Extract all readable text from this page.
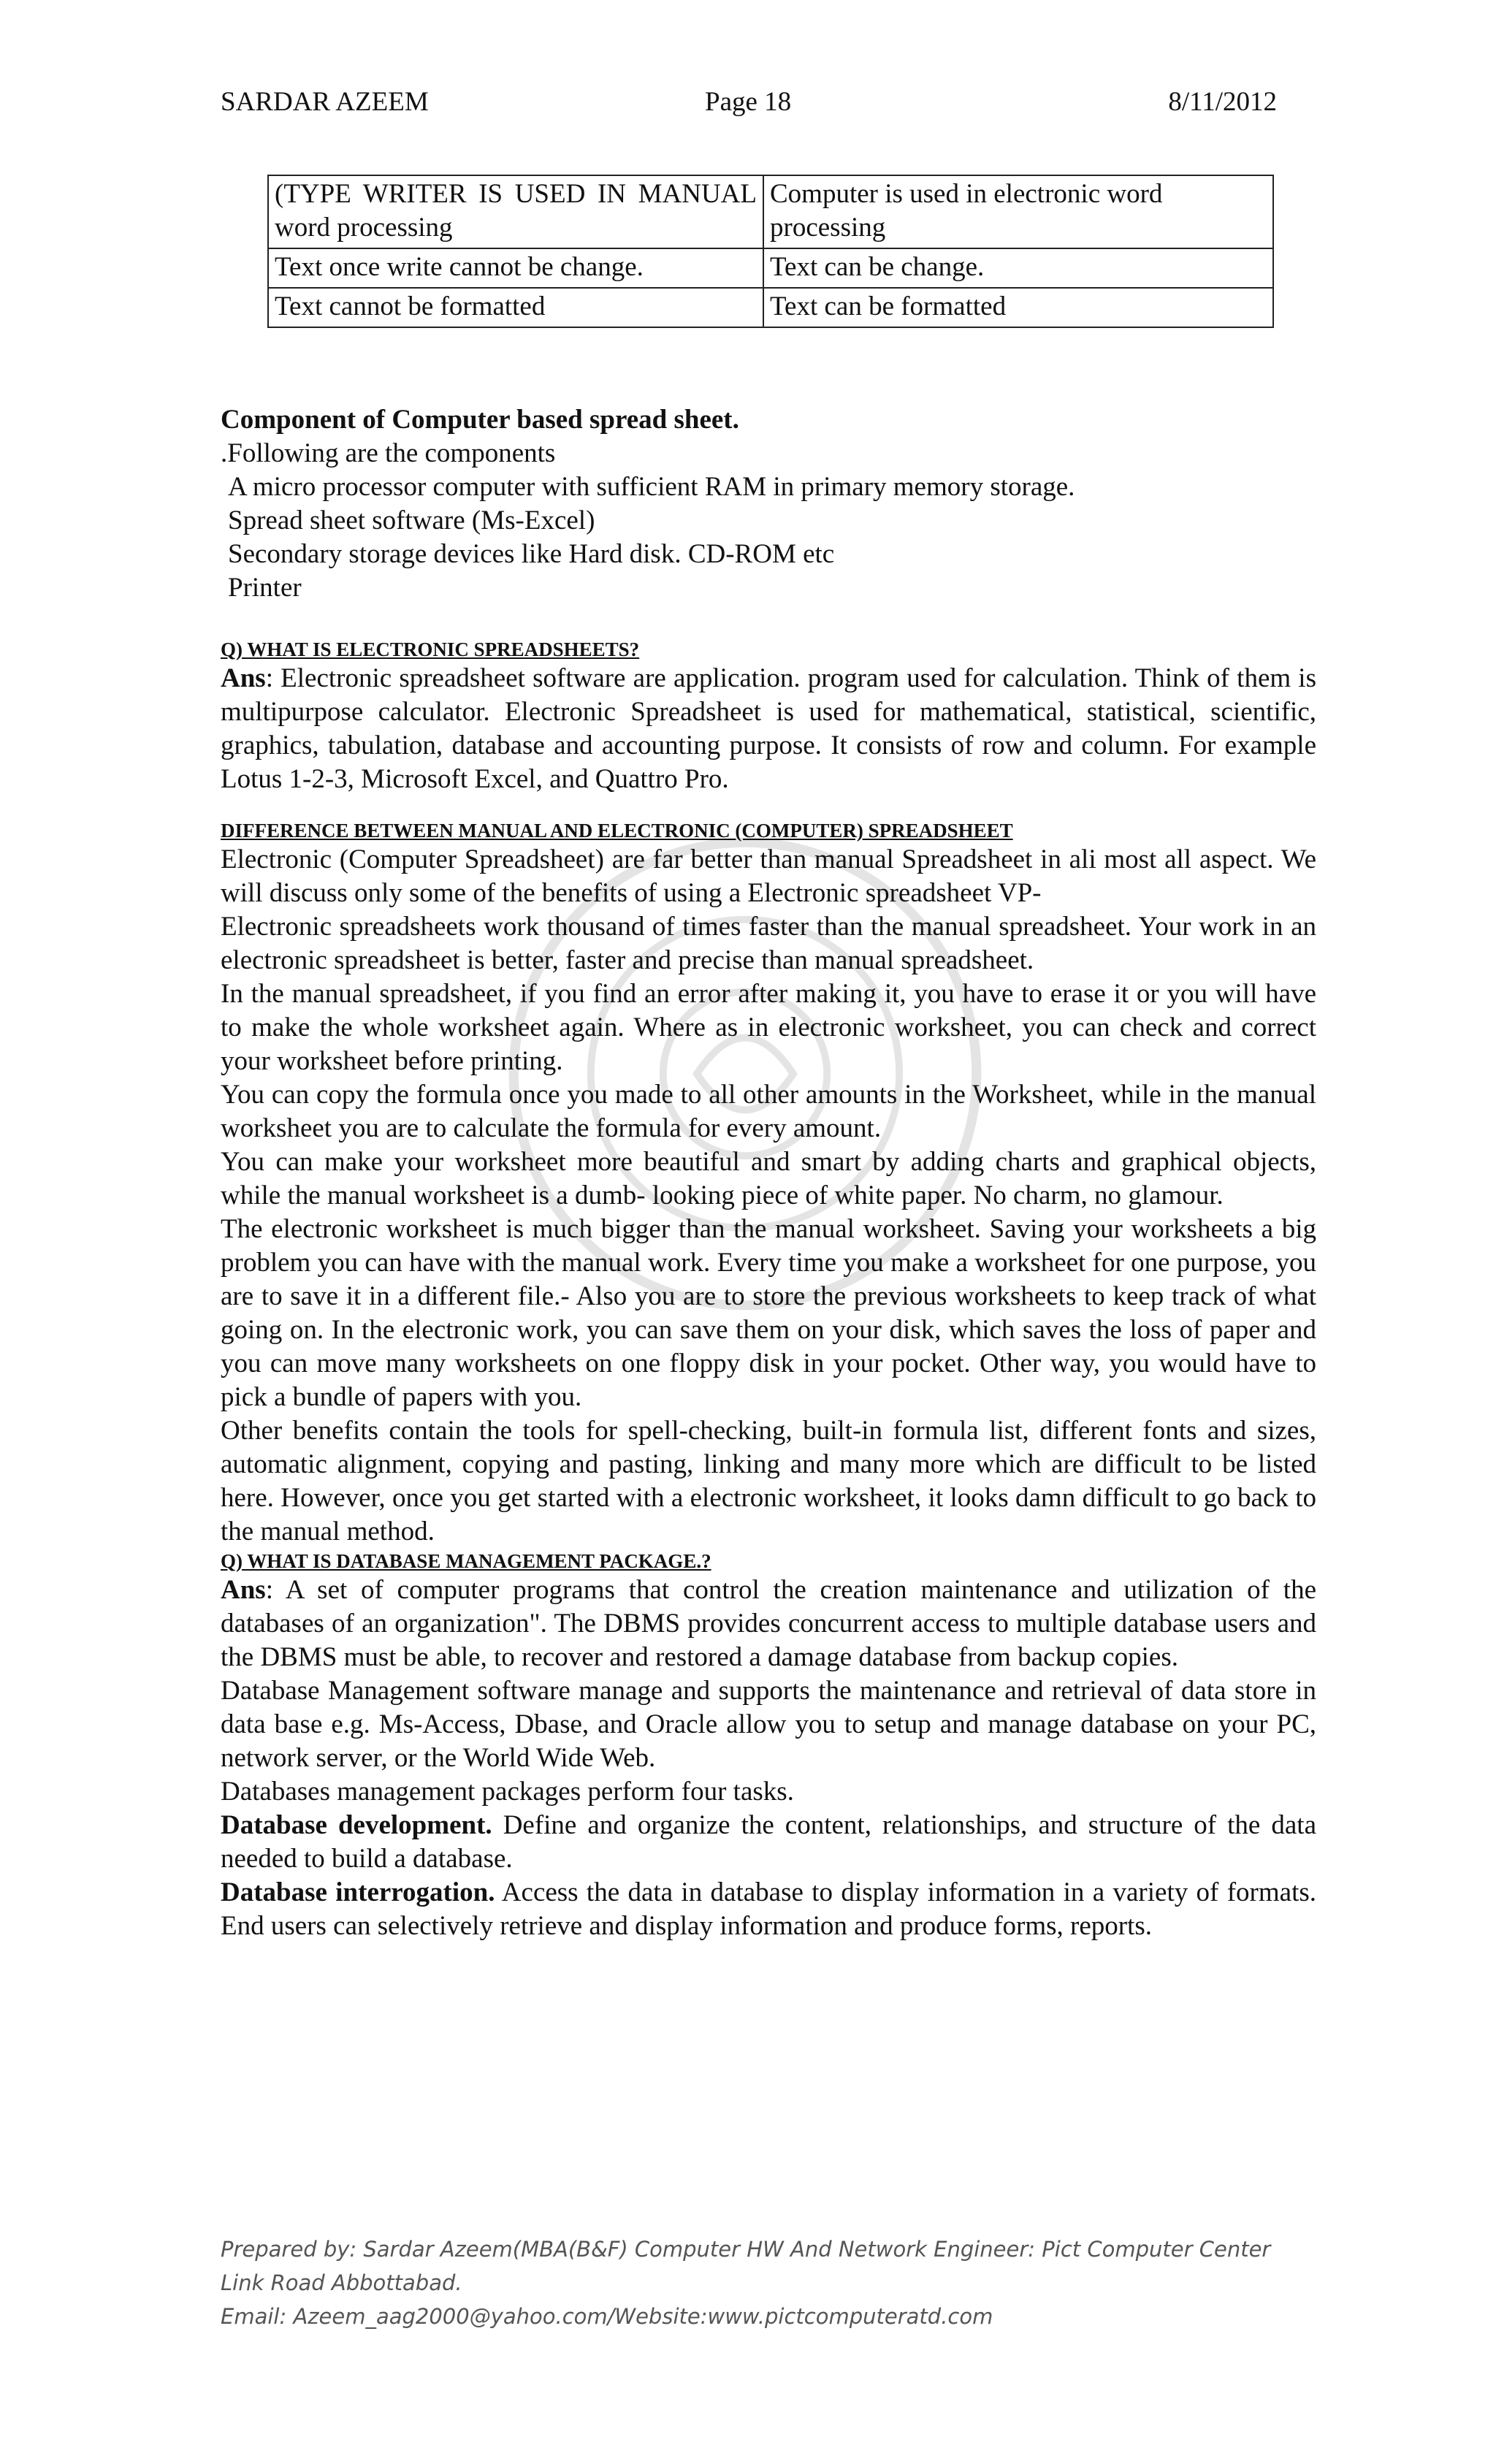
SARDAR AZEEM	Page 18	8/11/2012
(TYPE WRITER IS USED IN MANUAL word processing	Computer is used in electronic word processing
Text once write cannot be change.	Text can be change.
Text cannot be formatted	Text can be formatted

Component of Computer based spread sheet.

.Following are the components

A micro processor computer with sufficient RAM in primary memory storage.

Spread sheet software (Ms-Excel)

Secondary storage devices like Hard disk. CD-ROM etc

Printer

Q) WHAT IS ELECTRONIC SPREADSHEETS?

Ans: Electronic spreadsheet software are application. program used for calculation. Think of them is multipurpose calculator. Electronic Spreadsheet is used for mathematical, statistical, scientific, graphics, tabulation, database and accounting purpose. It consists of row and column. For example Lotus 1-2-3, Microsoft Excel, and Quattro Pro.

DIFFERENCE BETWEEN MANUAL AND ELECTRONIC (COMPUTER) SPREADSHEET

Electronic (Computer Spreadsheet) are far better than manual Spreadsheet in ali most all aspect. We will discuss only some of the benefits of using a Electronic spreadsheet VP-

Electronic spreadsheets work thousand of times faster than the manual spreadsheet. Your work in an electronic spreadsheet is better, faster and precise than manual spreadsheet.

In the manual spreadsheet, if you find an error after making it, you have to erase it or you will have to make the whole worksheet again. Where as in electronic worksheet, you can check and correct your worksheet before printing.

You can copy the formula once you made to all other amounts in the Worksheet, while in the manual worksheet you are to calculate the formula for every amount.

You can make your worksheet more beautiful and smart by adding charts and graphical objects, while the manual worksheet is a dumb- looking piece of white paper. No charm, no glamour.

The electronic worksheet is much bigger than the manual worksheet. Saving your worksheets a big problem you can have with the manual work. Every time you make a worksheet for one purpose, you are to save it in a different file.- Also you are to store the previous worksheets to keep track of what going on. In the electronic work, you can save them on your disk, which saves the loss of paper and you can move many worksheets on one floppy disk in your pocket. Other way, you would have to pick a bundle of papers with you.

Other benefits contain the tools for spell-checking, built-in formula list, different fonts and sizes, automatic alignment, copying and pasting, linking and many more which are difficult to be listed here. However, once you get started with a electronic worksheet, it looks damn difficult to go back to the manual method.

Q) WHAT IS DATABASE MANAGEMENT PACKAGE.?

Ans: A set of computer programs that control the creation maintenance and utilization of the databases of an organization". The DBMS provides concurrent access to multiple database users and the DBMS must be able, to recover and restored a damage database from backup copies.

Database Management software manage and supports the maintenance and retrieval of data store in data base e.g. Ms-Access, Dbase, and Oracle allow you to setup and manage database on your PC, network server, or the World Wide Web.

Databases management packages perform four tasks.

Database development. Define and organize the content, relationships, and structure of the data needed to build a database.

Database interrogation. Access the data in database to display information in a variety of formats. End users can selectively retrieve and display information and produce forms, reports.

Prepared by: Sardar Azeem(MBA(B&F) Computer HW And Network Engineer: Pict Computer Center Link Road Abbottabad.
Email: Azeem_aag2000@yahoo.com/Website:www.pictcomputeratd.com
